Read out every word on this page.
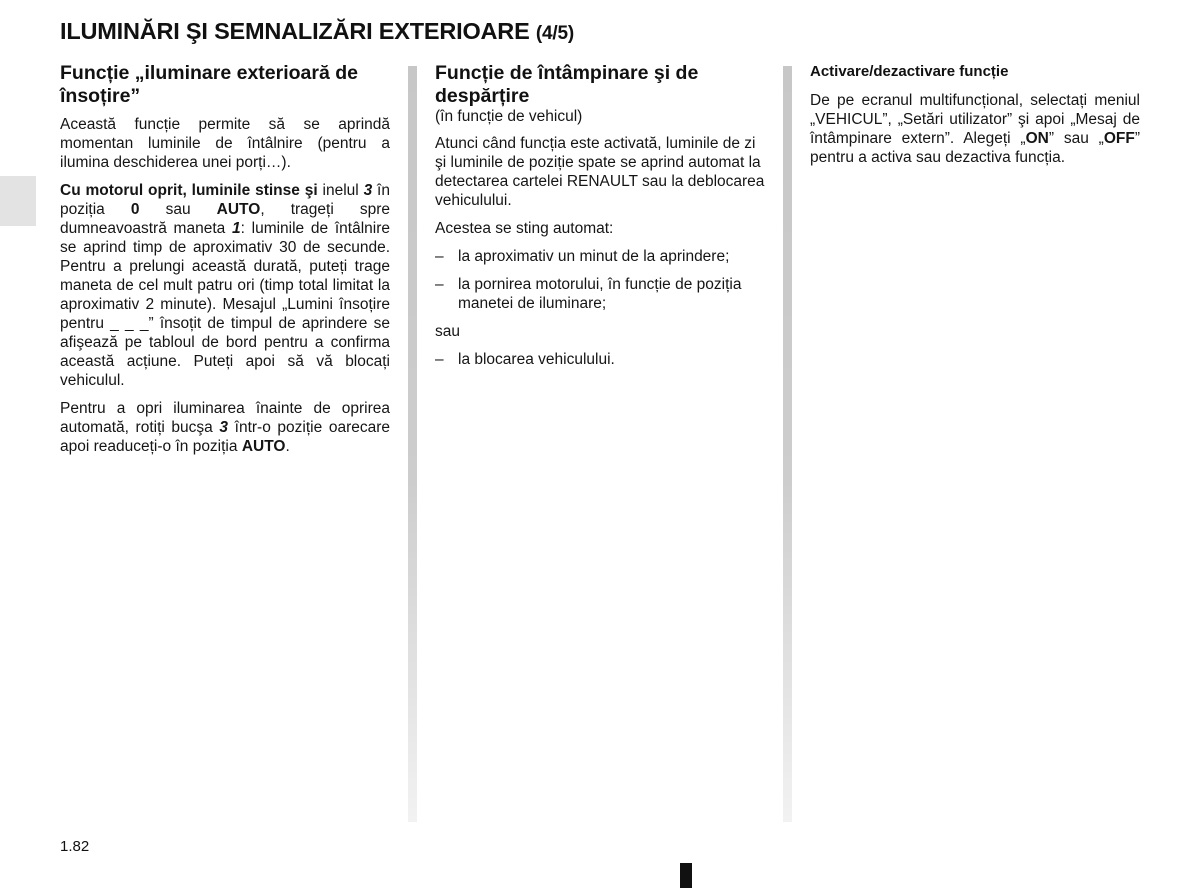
ILUMINĂRI ŞI SEMNALIZĂRI EXTERIOARE (4/5)
Funcție „iluminare exterioară de însoțire”

Această funcție permite să se aprindă momentan luminile de întâlnire (pentru a ilumina deschiderea unei porți…).

Cu motorul oprit, luminile stinse şi inelul 3 în poziția 0 sau AUTO, trageți spre dumneavoastră maneta 1: luminile de întâlnire se aprind timp de aproximativ 30 de secunde. Pentru a prelungi această durată, puteți trage maneta de cel mult patru ori (timp total limitat la aproximativ 2 minute). Mesajul „Lumini însoțire pentru _ _ _” însoțit de timpul de aprindere se afişează pe tabloul de bord pentru a confirma această acțiune. Puteți apoi să vă blocați vehiculul.

Pentru a opri iluminarea înainte de oprirea automată, rotiți bucşa 3 într-o poziție oarecare apoi readuceți-o în poziția AUTO.

Funcție de întâmpinare şi de despărțire

(în funcție de vehicul)

Atunci când funcția este activată, luminile de zi şi luminile de poziție spate se aprind automat la detectarea cartelei RENAULT sau la deblocarea vehiculului.

Acestea se sting automat:

– la aproximativ un minut de la aprindere;
– la pornirea motorului, în funcție de poziția manetei de iluminare;

sau

– la blocarea vehiculului.
Activare/dezactivare funcție

De pe ecranul multifuncțional, selectați meniul „VEHICUL”, „Setări utilizator” şi apoi „Mesaj de întâmpinare extern”. Alegeți „ON” sau „OFF” pentru a activa sau dezactiva funcția.

1.82
